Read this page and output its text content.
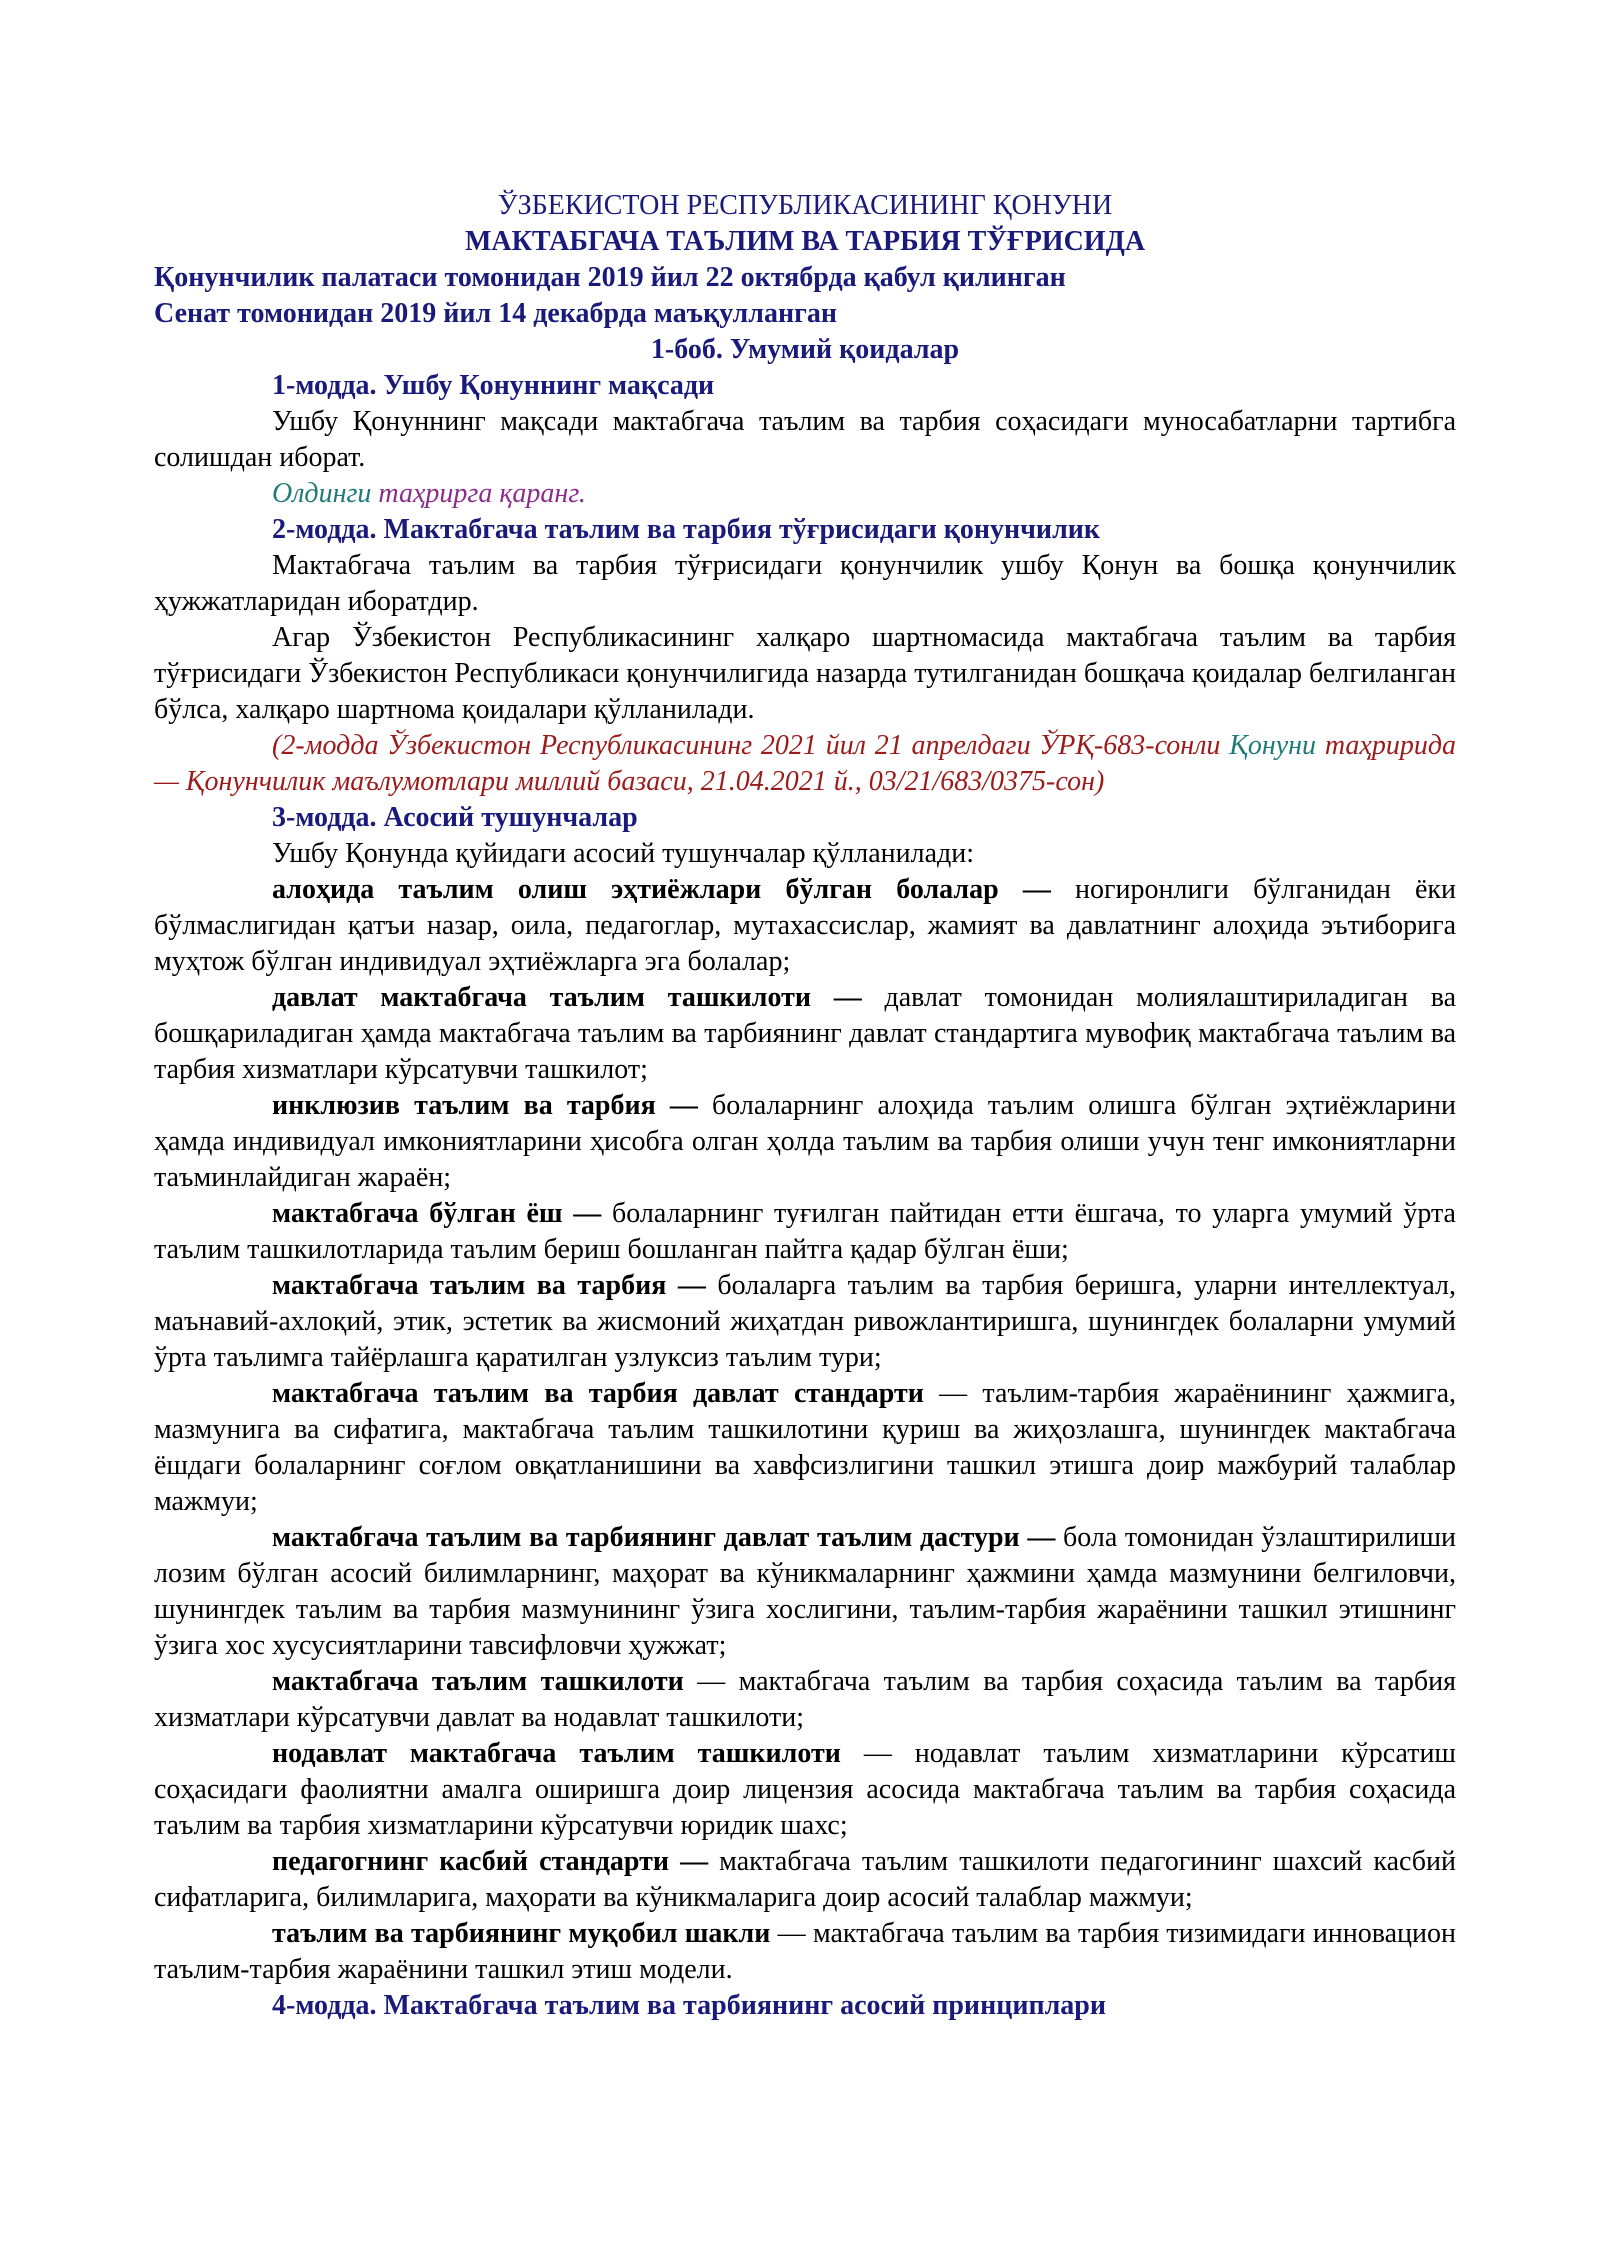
ЎЗБЕКИСТОН РЕСПУБЛИКАСИНИНГ ҚОНУНИ

МАКТАБГАЧА ТАЪЛИМ ВА ТАРБИЯ ТЎҒРИСИДА

Қонунчилик палатаси томонидан 2019 йил 22 октябрда қабул қилинган

Сенат томонидан 2019 йил 14 декабрда маъқулланган

1-боб. Умумий қоидалар

1-модда. Ушбу Қонуннинг мақсади

Ушбу Қонуннинг мақсади мактабгача таълим ва тарбия соҳасидаги муносабатларни тартибга солишдан иборат.

Олдинги таҳрирга қаранг.

2-модда. Мактабгача таълим ва тарбия тўғрисидаги қонунчилик

Мактабгача таълим ва тарбия тўғрисидаги қонунчилик ушбу Қонун ва бошқа қонунчилик ҳужжатларидан иборатдир.

Агар Ўзбекистон Республикасининг халқаро шартномасида мактабгача таълим ва тарбия тўғрисидаги Ўзбекистон Республикаси қонунчилигида назарда тутилганидан бошқача қоидалар белгиланган бўлса, халқаро шартнома қоидалари қўлланилади.

(2-модда Ўзбекистон Республикасининг 2021 йил 21 апрелдаги ЎРҚ-683-сонли Қонуни таҳририда — Қонунчилик маълумотлари миллий базаси, 21.04.2021 й., 03/21/683/0375-сон)

3-модда. Асосий тушунчалар

Ушбу Қонунда қуйидаги асосий тушунчалар қўлланилади:

алоҳида таълим олиш эҳтиёжлари бўлган болалар — ногиронлиги бўлганидан ёки бўлмаслигидан қатъи назар, оила, педагоглар, мутахассислар, жамият ва давлатнинг алоҳида эътиборига муҳтож бўлган индивидуал эҳтиёжларга эга болалар;

давлат мактабгача таълим ташкилоти — давлат томонидан молиялаштириладиган ва бошқариладиган ҳамда мактабгача таълим ва тарбиянинг давлат стандартига мувофиқ мактабгача таълим ва тарбия хизматлари кўрсатувчи ташкилот;

инклюзив таълим ва тарбия — болаларнинг алоҳида таълим олишга бўлган эҳтиёжларини ҳамда индивидуал имкониятларини ҳисобга олган ҳолда таълим ва тарбия олиши учун тенг имкониятларни таъминлайдиган жараён;

мактабгача бўлган ёш — болаларнинг туғилган пайтидан етти ёшгача, то уларга умумий ўрта таълим ташкилотларида таълим бериш бошланган пайтга қадар бўлган ёши;

мактабгача таълим ва тарбия — болаларга таълим ва тарбия беришга, уларни интеллектуал, маънавий-ахлоқий, этик, эстетик ва жисмоний жиҳатдан ривожлантиришга, шунингдек болаларни умумий ўрта таълимга тайёрлашга қаратилган узлуксиз таълим тури;

мактабгача таълим ва тарбия давлат стандарти — таълим-тарбия жараёнининг ҳажмига, мазмунига ва сифатига, мактабгача таълим ташкилотини қуриш ва жиҳозлашга, шунингдек мактабгача ёшдаги болаларнинг соғлом овқатланишини ва хавфсизлигини ташкил этишга доир мажбурий талаблар мажмуи;

мактабгача таълим ва тарбиянинг давлат таълим дастури — бола томонидан ўзлаштирилиши лозим бўлган асосий билимларнинг, маҳорат ва кўникмаларнинг ҳажмини ҳамда мазмунини белгиловчи, шунингдек таълим ва тарбия мазмунининг ўзига хослигини, таълим-тарбия жараёнини ташкил этишнинг ўзига хос хусусиятларини тавсифловчи ҳужжат;

мактабгача таълим ташкилоти — мактабгача таълим ва тарбия соҳасида таълим ва тарбия хизматлари кўрсатувчи давлат ва нодавлат ташкилоти;

нодавлат мактабгача таълим ташкилоти — нодавлат таълим хизматларини кўрсатиш соҳасидаги фаолиятни амалга оширишга доир лицензия асосида мактабгача таълим ва тарбия соҳасида таълим ва тарбия хизматларини кўрсатувчи юридик шахс;

педагогнинг касбий стандарти — мактабгача таълим ташкилоти педагогининг шахсий касбий сифатларига, билимларига, маҳорати ва кўникмаларига доир асосий талаблар мажмуи;

таълим ва тарбиянинг муқобил шакли — мактабгача таълим ва тарбия тизимидаги инновацион таълим-тарбия жараёнини ташкил этиш модели.

4-модда. Мактабгача таълим ва тарбиянинг асосий принциплари
